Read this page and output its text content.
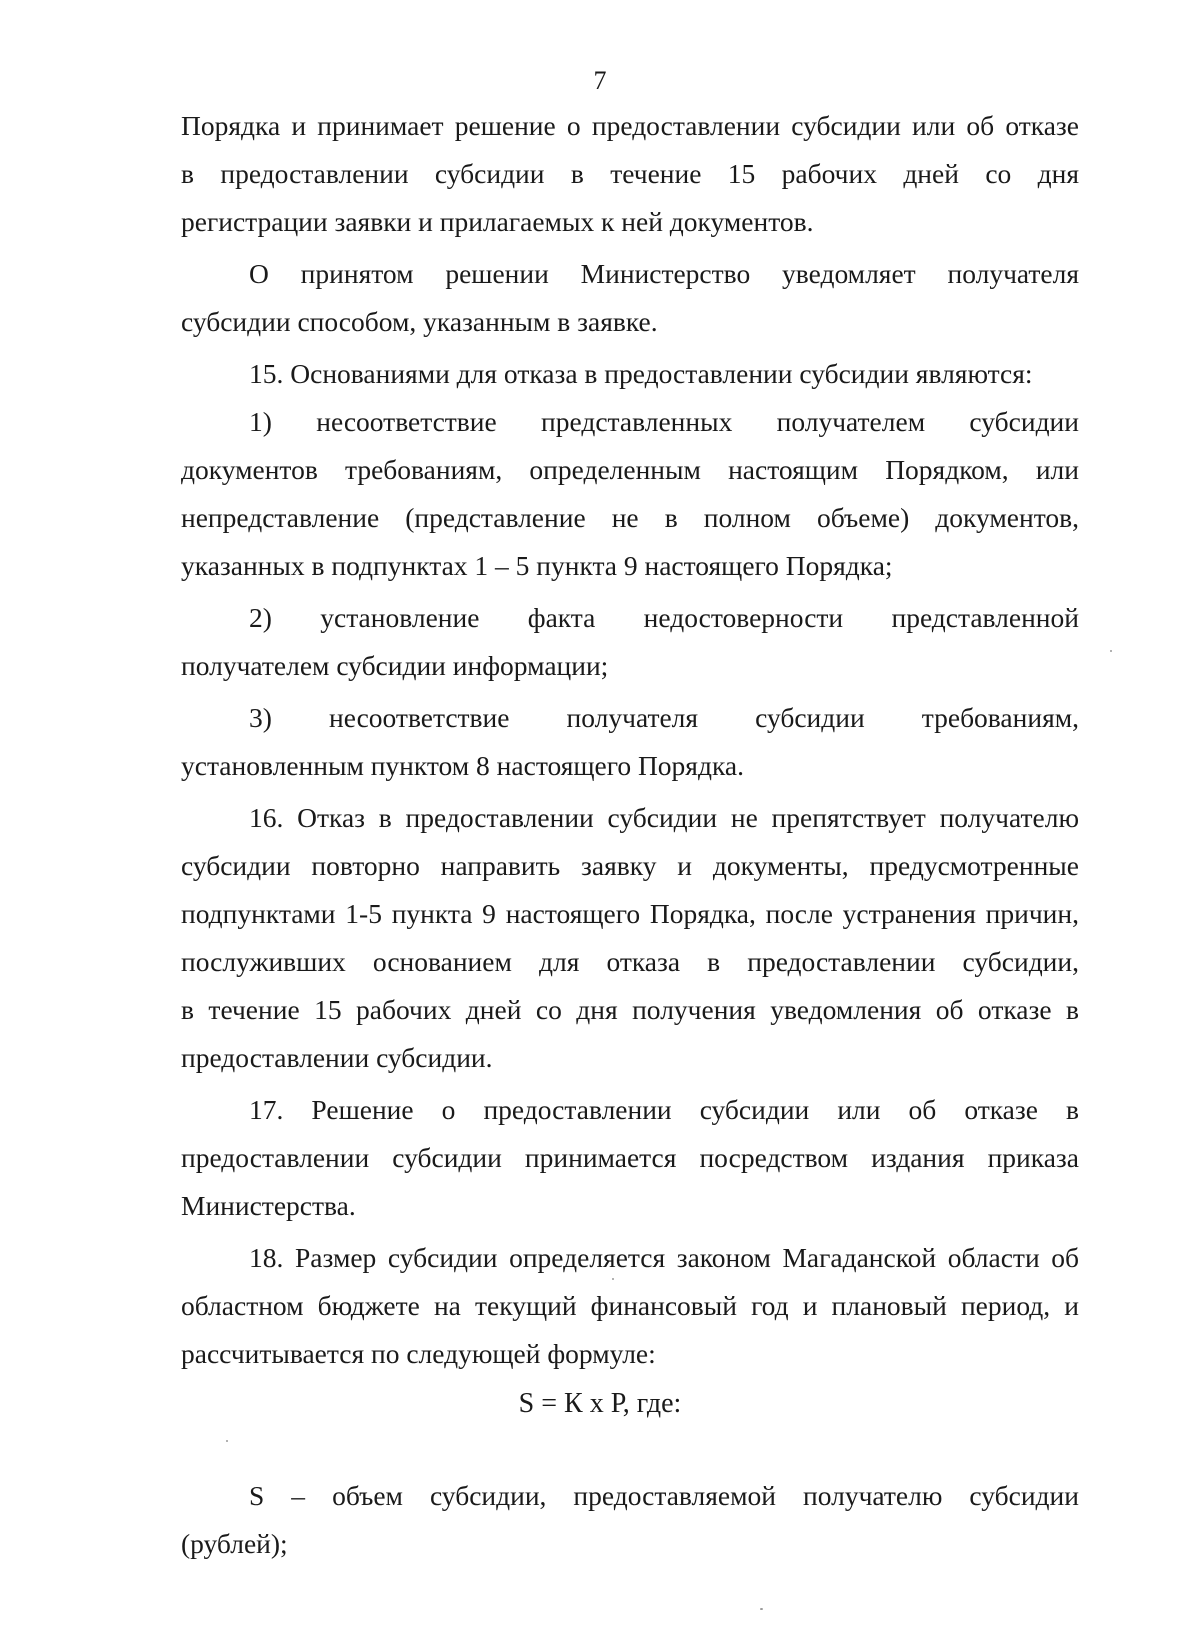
7
Порядка и принимает решение о предоставлении субсидии или об отказе
в предоставлении субсидии в течение 15 рабочих дней со дня
регистрации заявки и прилагаемых к ней документов.
О принятом решении Министерство уведомляет получателя
субсидии способом, указанным в заявке.
15. Основаниями для отказа в предоставлении субсидии являются:
1) несоответствие представленных получателем субсидии
документов требованиям, определенным настоящим Порядком, или
непредставление (представление не в полном объеме) документов,
указанных в подпунктах 1 – 5 пункта 9 настоящего Порядка;
2) установление факта недостоверности представленной
получателем субсидии информации;
3) несоответствие получателя субсидии требованиям,
установленным пунктом 8 настоящего Порядка.
16. Отказ в предоставлении субсидии не препятствует получателю
субсидии повторно направить заявку и документы, предусмотренные
подпунктами 1-5 пункта 9 настоящего Порядка, после устранения причин,
послуживших основанием для отказа в предоставлении субсидии,
в течение 15 рабочих дней со дня получения уведомления об отказе в
предоставлении субсидии.
17. Решение о предоставлении субсидии или об отказе в
предоставлении субсидии принимается посредством издания приказа
Министерства.
18. Размер субсидии определяется законом Магаданской области об
областном бюджете на текущий финансовый год и плановый период, и
рассчитывается по следующей формуле:
S = К х Р, где:
S – объем субсидии, предоставляемой получателю субсидии
(рублей);
